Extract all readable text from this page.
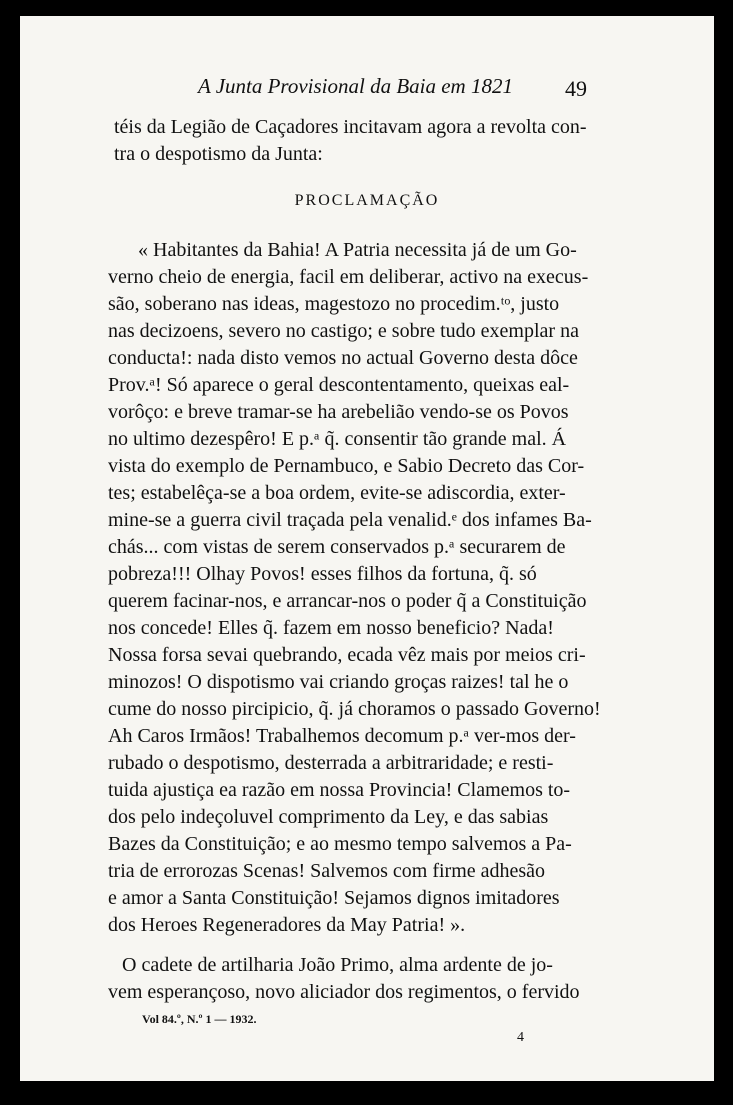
A Junta Provisional da Baia em 1821 49
téis da Legião de Caçadores incitavam agora a revolta con-
tra o despotismo da Junta:
PROCLAMAÇÃO
« Habitantes da Bahia! A Patria necessita já de um Go-
verno cheio de energia, facil em deliberar, activo na execus-
são, soberano nas ideas, magestozo no procedim.ᵗᵒ, justo
nas decizoens, severo no castigo; e sobre tudo exemplar na
conducta!: nada disto vemos no actual Governo desta dôce
Prov.ᵃ! Só aparece o geral descontentamento, queixas eal-
vorôço: e breve tramar-se ha arebelião vendo-se os Povos
no ultimo dezespêro! E p.ᵃ q̃. consentir tão grande mal. Á
vista do exemplo de Pernambuco, e Sabio Decreto das Cor-
tes; estabelêça-se a boa ordem, evite-se adiscordia, exter-
mine-se a guerra civil traçada pela venalid.ᵉ dos infames Ba-
chás... com vistas de serem conservados p.ᵃ securarem de
pobreza!!! Olhay Povos! esses filhos da fortuna, q̃. só
querem facinar-nos, e arrancar-nos o poder q̃ a Constituição
nos concede! Elles q̃. fazem em nosso beneficio? Nada!
Nossa forsa sevai quebrando, ecada vêz mais por meios cri-
minozos! O dispotismo vai criando groças raizes! tal he o
cume do nosso pircipicio, q̃. já choramos o passado Governo!
Ah Caros Irmãos! Trabalhemos decomum p.ᵃ ver-mos der-
rubado o despotismo, desterrada a arbitraridade; e resti-
tuida ajustiça ea razão em nossa Provincia! Clamemos to-
dos pelo indeçoluvel comprimento da Ley, e das sabias
Bazes da Constituição; e ao mesmo tempo salvemos a Pa-
tria de errorozas Scenas! Salvemos com firme adhesão
e amor a Santa Constituição! Sejamos dignos imitadores
dos Heroes Regeneradores da May Patria! ».
O cadete de artilharia João Primo, alma ardente de jo-
vem esperançoso, novo aliciador dos regimentos, o fervido
Vol 84.º, N.º 1 — 1932.
4
